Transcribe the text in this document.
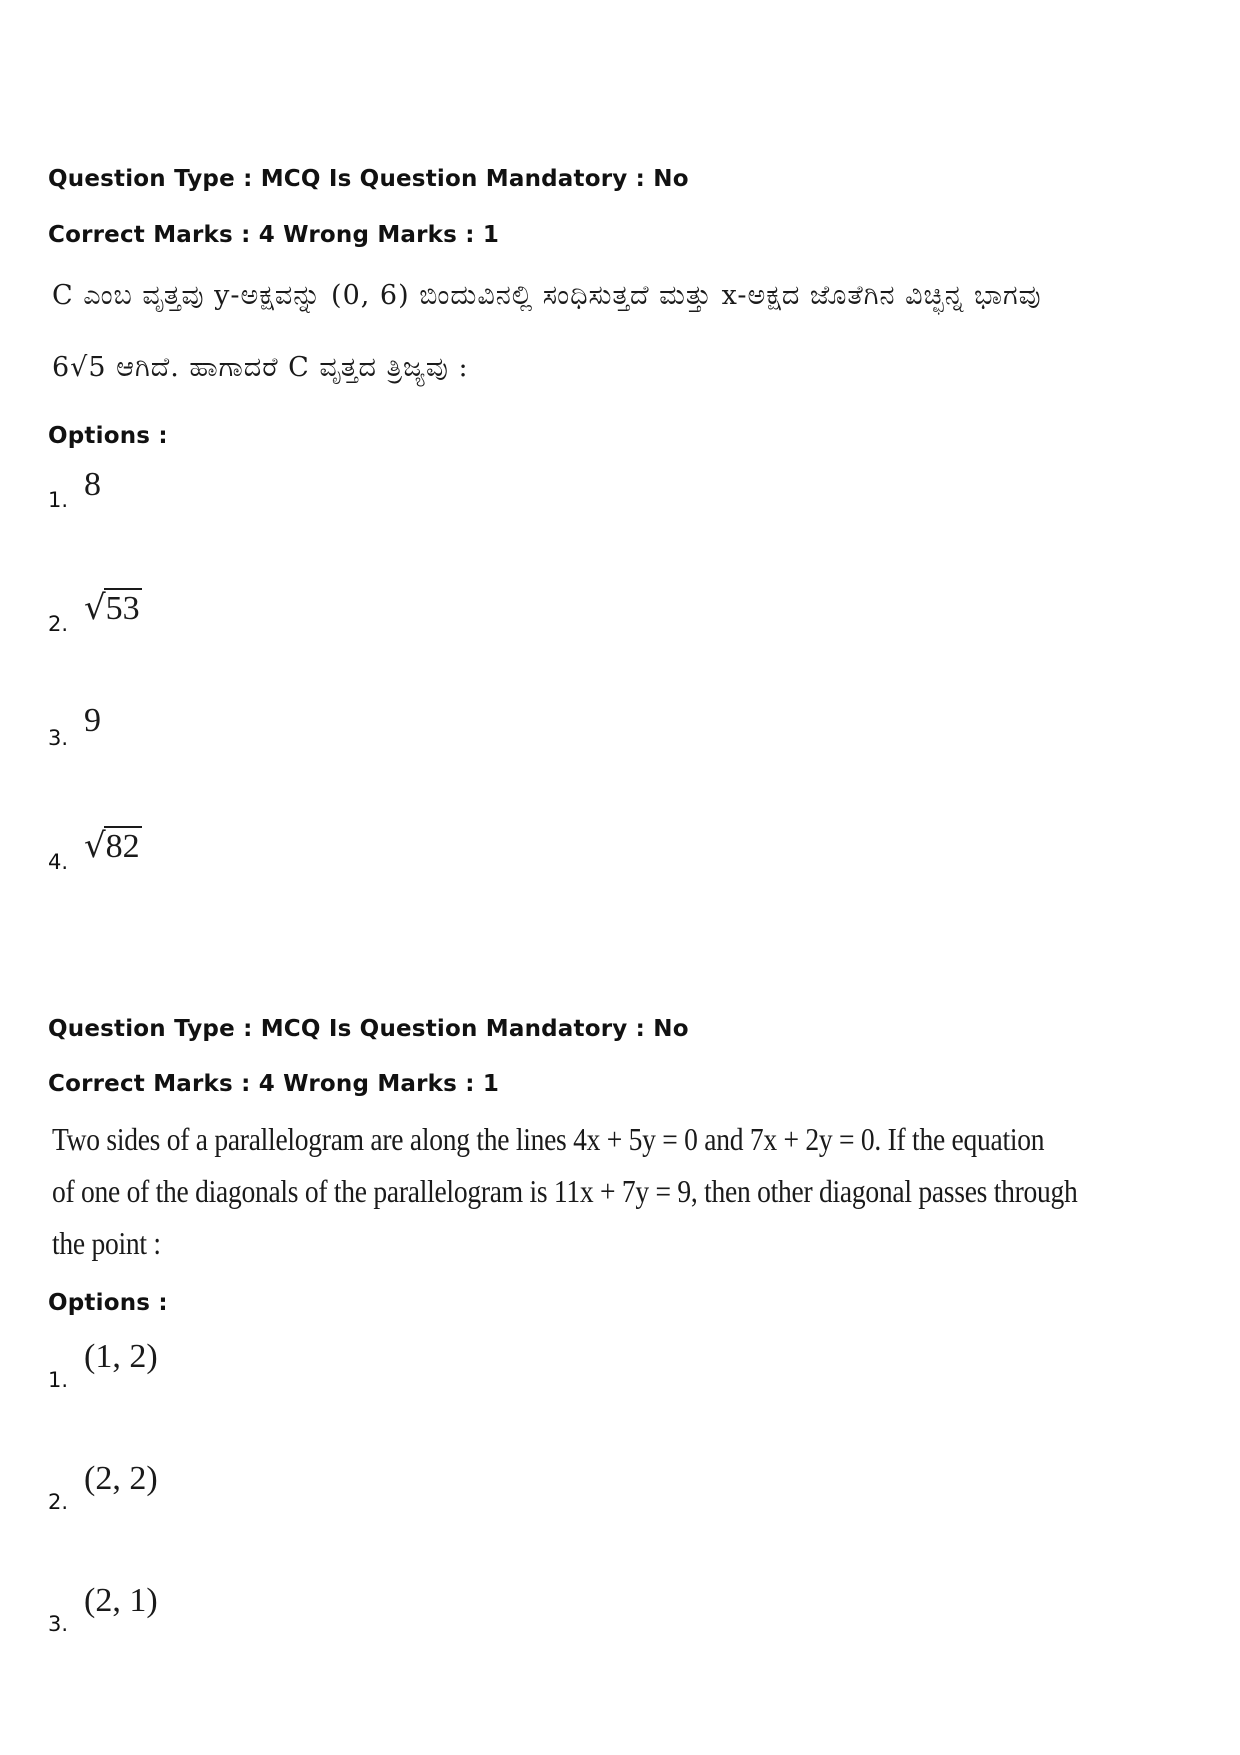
Question Type : MCQ Is Question Mandatory : No
Correct Marks : 4 Wrong Marks : 1
C ಎಂಬ ವೃತ್ತವು y-ಅಕ್ಷವನ್ನು (0, 6) ಬಿಂದುವಿನಲ್ಲಿ ಸಂಧಿಸುತ್ತದೆ ಮತ್ತು x-ಅಕ್ಷದ ಜೊತೆಗಿನ ವಿಚ್ಛಿನ್ನ ಭಾಗವು
6√5 ಆಗಿದೆ. ಹಾಗಾದರೆ C ವೃತ್ತದ ತ್ರಿಜ್ಯವು :
Options :
1. 8
2. √53
3. 9
4. √82
Question Type : MCQ Is Question Mandatory : No
Correct Marks : 4 Wrong Marks : 1
Two sides of a parallelogram are along the lines 4x + 5y = 0 and 7x + 2y = 0. If the equation
of one of the diagonals of the parallelogram is 11x + 7y = 9, then other diagonal passes through
the point :
Options :
1.
(1, 2)
2.
(2, 2)
3.
(2, 1)
